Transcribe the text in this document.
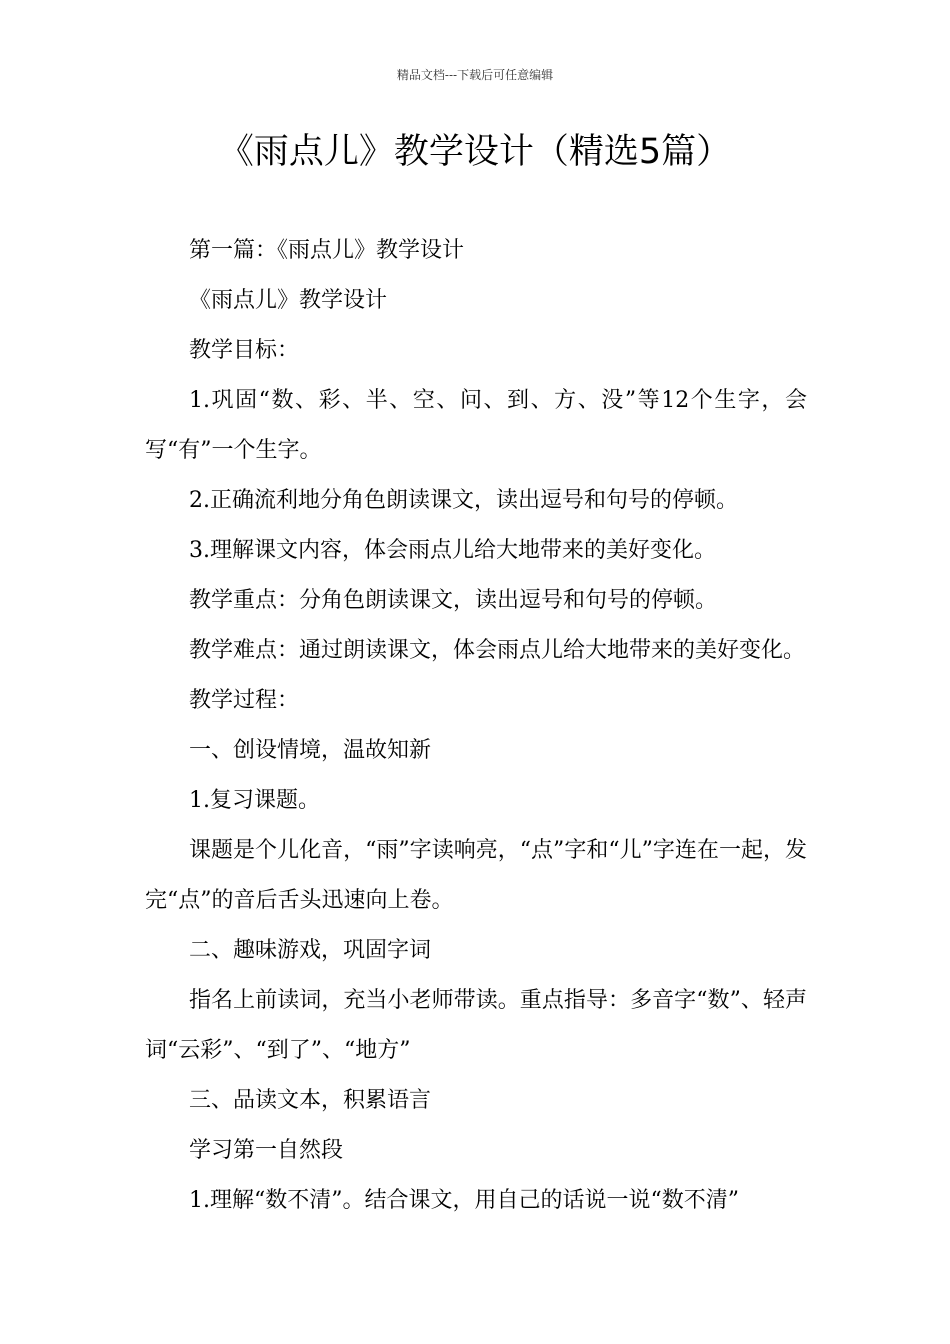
精品文档---下载后可任意编辑
《雨点儿》教学设计（精选5篇）

第一篇：《雨点儿》教学设计

《雨点儿》教学设计

教学目标：

1.巩固“数、彩、半、空、问、到、方、没”等12个生字，会写“有”一个生字。

2.正确流利地分角色朗读课文，读出逗号和句号的停顿。

3.理解课文内容，体会雨点儿给大地带来的美好变化。

教学重点：分角色朗读课文，读出逗号和句号的停顿。

教学难点：通过朗读课文，体会雨点儿给大地带来的美好变化。

教学过程：

一、创设情境，温故知新

1.复习课题。

课题是个儿化音，“雨”字读响亮，“点”字和“儿”字连在一起，发完“点”的音后舌头迅速向上卷。

二、趣味游戏，巩固字词

指名上前读词，充当小老师带读。重点指导：多音字“数”、轻声词“云彩”、“到了”、“地方”

三、品读文本，积累语言

学习第一自然段

1.理解“数不清”。结合课文，用自己的话说一说“数不清”
